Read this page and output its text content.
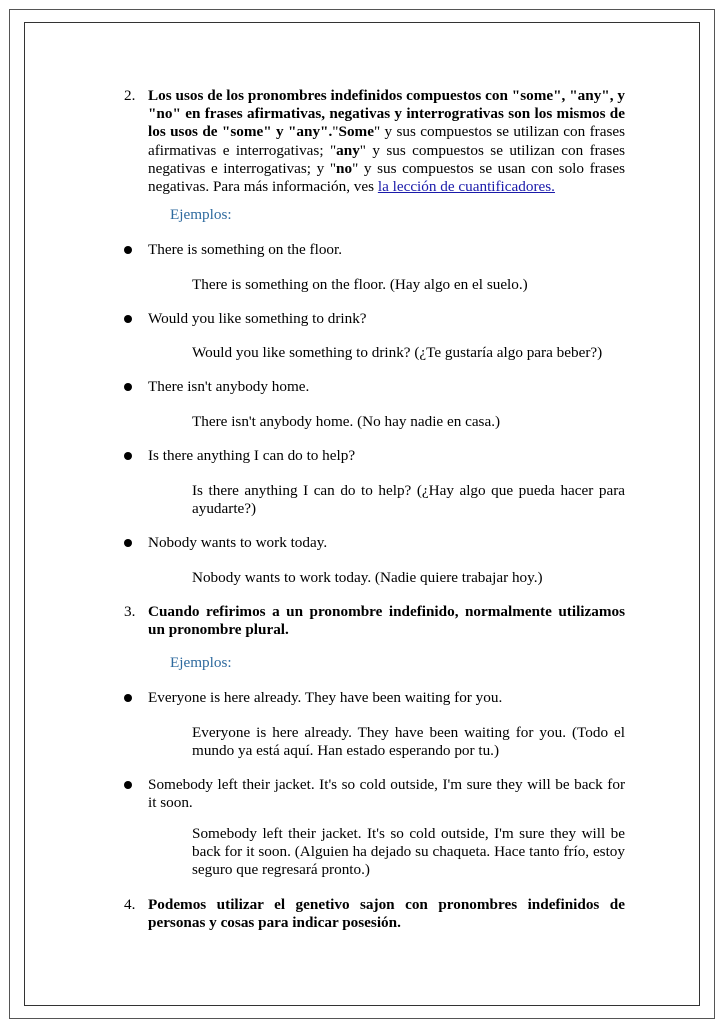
2. Los usos de los pronombres indefinidos compuestos con "some", "any", y "no" en frases afirmativas, negativas y interrogrativas son los mismos de los usos de "some" y "any"."Some" y sus compuestos se utilizan con frases afirmativas e interrogativas; "any" y sus compuestos se utilizan con frases negativas e interrogativas; y "no" y sus compuestos se usan con solo frases negativas. Para más información, ves la lección de cuantificadores.
Ejemplos:
There is something on the floor.
There is something on the floor. (Hay algo en el suelo.)
Would you like something to drink?
Would you like something to drink? (¿Te gustaría algo para beber?)
There isn't anybody home.
There isn't anybody home. (No hay nadie en casa.)
Is there anything I can do to help?
Is there anything I can do to help? (¿Hay algo que pueda hacer para ayudarte?)
Nobody wants to work today.
Nobody wants to work today. (Nadie quiere trabajar hoy.)
3. Cuando refirimos a un pronombre indefinido, normalmente utilizamos un pronombre plural.
Ejemplos:
Everyone is here already. They have been waiting for you.
Everyone is here already. They have been waiting for you. (Todo el mundo ya está aquí. Han estado esperando por tu.)
Somebody left their jacket. It's so cold outside, I'm sure they will be back for it soon.
Somebody left their jacket. It's so cold outside, I'm sure they will be back for it soon. (Alguien ha dejado su chaqueta. Hace tanto frío, estoy seguro que regresará pronto.)
4. Podemos utilizar el genetivo sajon con pronombres indefinidos de personas y cosas para indicar posesión.
